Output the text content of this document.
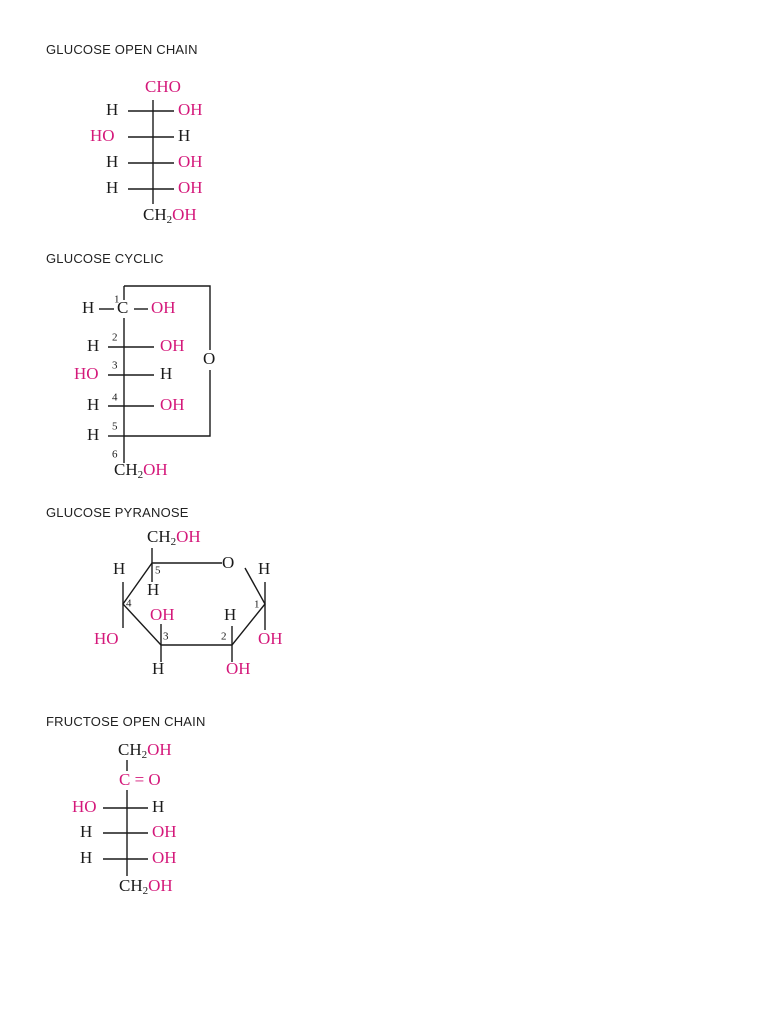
GLUCOSE OPEN CHAIN
GLUCOSE CYCLIC
GLUCOSE PYRANOSE
FRUCTOSE OPEN CHAIN
CHO
H	OH
HO	H
H	OH
H	OH
$CH_2OH$
H C OH
O
1
2
3
4
5
6
H	OH
HO	H
H	OH
H
$CH_2OH$
$CH_2OH$
O
H	5
H
H
1
4
OH	H
HO	3	2 OH
H	OH
$CH_2OH$
C = O
HO	H
H	OH
H	OH
$CH_2OH$
